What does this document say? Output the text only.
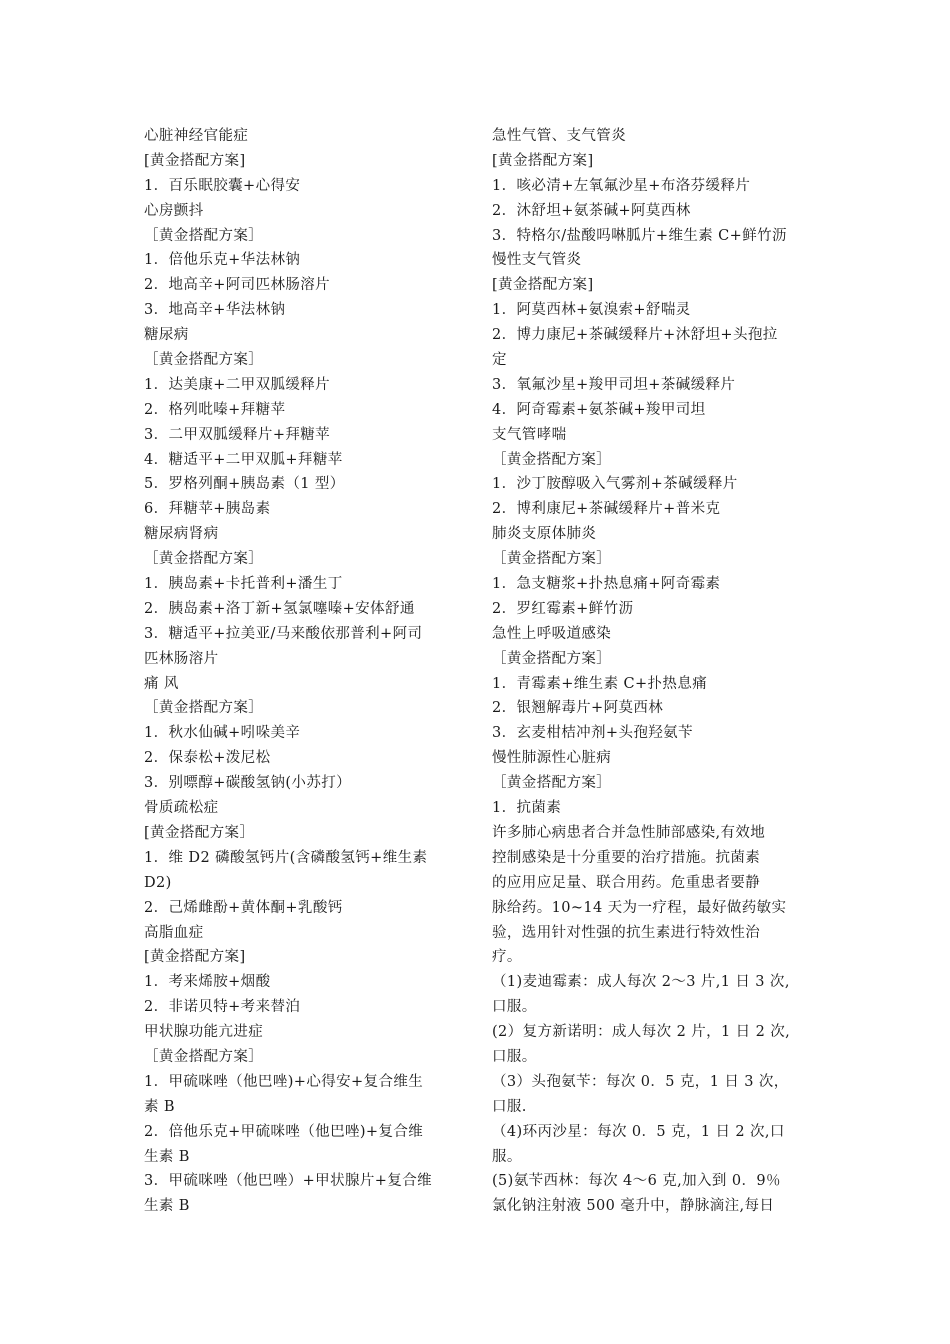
心脏神经官能症
[黄金搭配方案]
1．百乐眠胶囊+心得安
心房颤抖
［黄金搭配方案］
1．倍他乐克+华法林钠
2．地高辛+阿司匹林肠溶片
3．地高辛+华法林钠
糖尿病
［黄金搭配方案］
1．达美康+二甲双胍缓释片
2．格列吡嗪+拜糖苹
3．二甲双胍缓释片+拜糖苹
4．糖适平+二甲双胍+拜糖苹
5．罗格列酮+胰岛素（1 型）
6．拜糖苹+胰岛素
糖尿病肾病
［黄金搭配方案］
1．胰岛素+卡托普利+潘生丁
2．胰岛素+洛丁新+氢氯噻嗪+安体舒通
3．糖适平+拉美亚/马来酸依那普利+阿司
匹林肠溶片
痛 风
［黄金搭配方案］
1．秋水仙碱+吲哚美辛
2．保泰松+泼尼松
3．别嘌醇+碳酸氢钠(小苏打）
骨质疏松症
[黄金搭配方案］
1．维 D2 磷酸氢钙片(含磷酸氢钙+维生素
D2)
2．己烯雌酚+黄体酮+乳酸钙
高脂血症
[黄金搭配方案]
1．考来烯胺+烟酸
2．非诺贝特+考来替泊
甲状腺功能亢进症
［黄金搭配方案］
1．甲硫咪唑（他巴唑)+心得安+复合维生
素 B
2．倍他乐克+甲硫咪唑（他巴唑)+复合维
生素 B
3．甲硫咪唑（他巴唑）+甲状腺片+复合维
生素 B
急性气管、支气管炎
[黄金搭配方案]
1．咳必清+左氧氟沙星+布洛芬缓释片
2．沐舒坦+氨茶碱+阿莫西林
3．特格尔/盐酸吗啉胍片+维生素 C+鲜竹沥
慢性支气管炎
[黄金搭配方案]
1．阿莫西林+氨溴索+舒喘灵
2．博力康尼+茶碱缓释片+沐舒坦+头孢拉
定
3．氧氟沙星+羧甲司坦+茶碱缓释片
4．阿奇霉素+氨茶碱+羧甲司坦
支气管哮喘
［黄金搭配方案］
1．沙丁胺醇吸入气雾剂+茶碱缓释片
2．博利康尼+茶碱缓释片+普米克
肺炎支原体肺炎
［黄金搭配方案］
1．急支糖浆+扑热息痛+阿奇霉素
2．罗红霉素+鲜竹沥
急性上呼吸道感染
［黄金搭配方案］
1．青霉素+维生素 C+扑热息痛
2．银翘解毒片+阿莫西林
3．玄麦柑桔冲剂+头孢羟氨苄
慢性肺源性心脏病
［黄金搭配方案］
1．抗菌素
许多肺心病患者合并急性肺部感染,有效地
控制感染是十分重要的治疗措施。抗菌素
的应用应足量、联合用药。危重患者要静
脉给药。10~14 天为一疗程，最好做药敏实
验，选用针对性强的抗生素进行特效性治
疗。
（1)麦迪霉素：成人每次 2～3 片,1 日 3 次,
口服。
(2）复方新诺明：成人每次 2 片，1 日 2 次,
口服。
（3）头孢氨苄：每次 0．5 克，1 日 3 次，
口服.
（4)环丙沙星：每次 0．5 克，1 日 2 次,口
服。
(5)氨苄西林：每次 4～6 克,加入到 0．9％
氯化钠注射液 500 毫升中，静脉滴注,每日
